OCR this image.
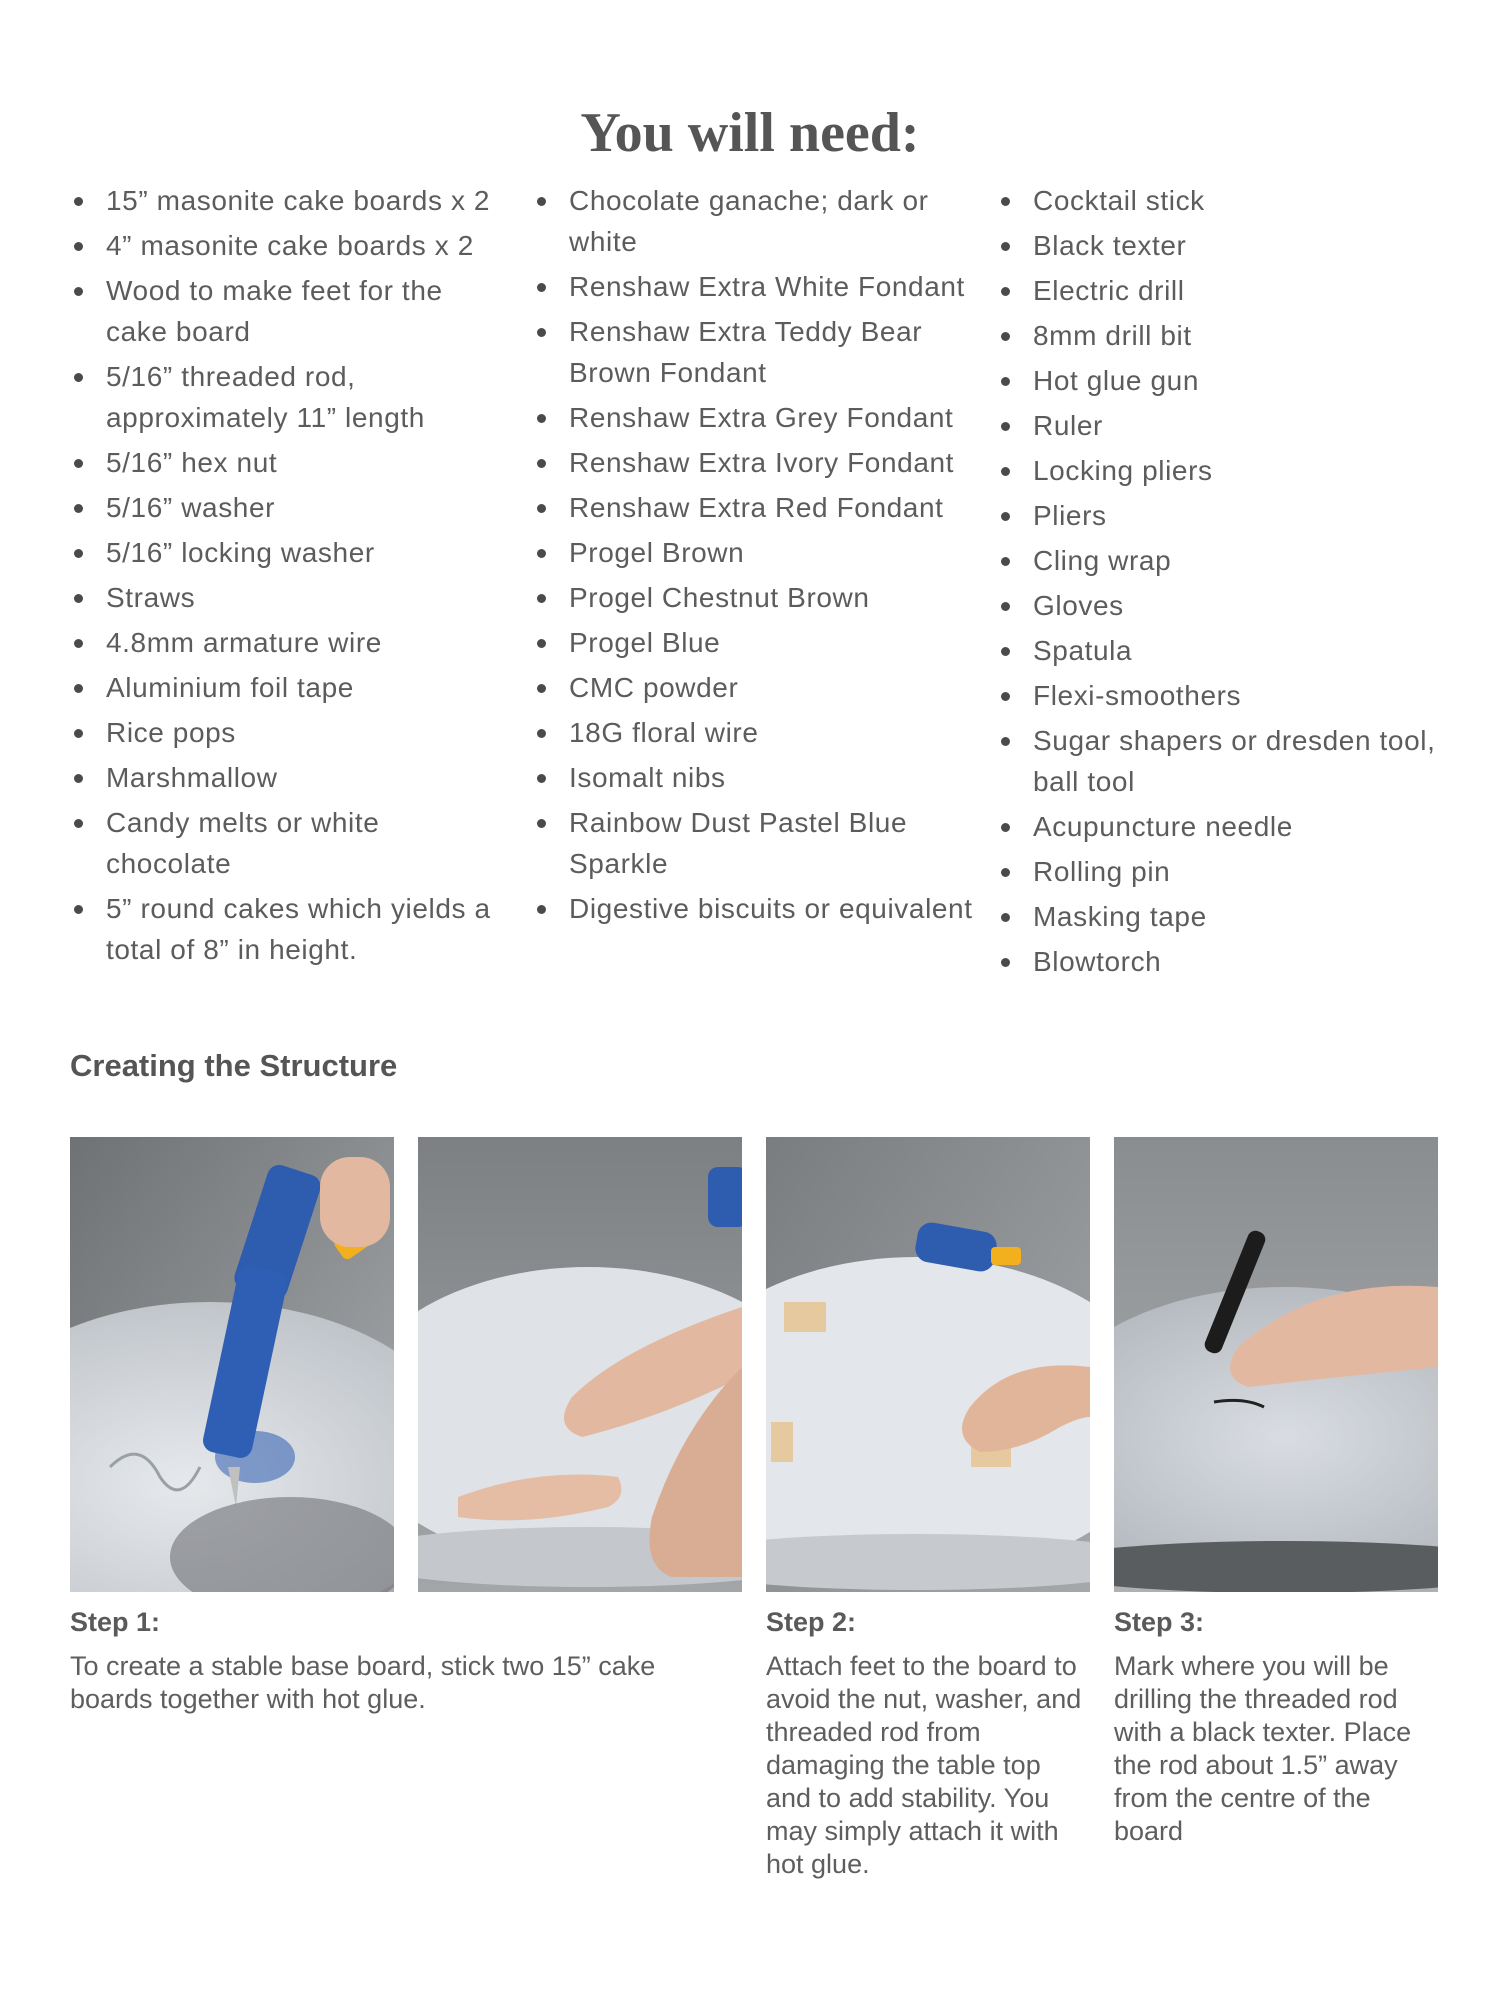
You will need:
15” masonite cake boards x 2
4” masonite cake boards x 2
Wood to make feet for the cake board
5/16” threaded rod, approximately 11” length
5/16” hex nut
5/16” washer
5/16” locking washer
Straws
4.8mm armature wire
Aluminium foil tape
Rice pops
Marshmallow
Candy melts or white chocolate
5” round cakes which yields a total of 8” in height.
Chocolate ganache; dark or white
Renshaw Extra White Fondant
Renshaw Extra Teddy Bear Brown Fondant
Renshaw Extra Grey Fondant
Renshaw Extra Ivory Fondant
Renshaw Extra Red Fondant
Progel Brown
Progel Chestnut Brown
Progel Blue
CMC powder
18G floral wire
Isomalt nibs
Rainbow Dust Pastel Blue Sparkle
Digestive biscuits or equivalent
Cocktail stick
Black texter
Electric drill
8mm drill bit
Hot glue gun
Ruler
Locking pliers
Pliers
Cling wrap
Gloves
Spatula
Flexi-smoothers
Sugar shapers or dresden tool, ball tool
Acupuncture needle
Rolling pin
Masking tape
Blowtorch
Creating the Structure
Step 1:
To create a stable base board, stick two 15” cake boards together with hot glue.
Step 2:
Attach feet to the board to avoid the nut, washer, and threaded rod from damaging the table top and to add stability. You may simply attach it with hot glue.
Step 3:
Mark where you will be drilling the threaded rod with a black texter. Place the rod about 1.5” away from the centre of the board
